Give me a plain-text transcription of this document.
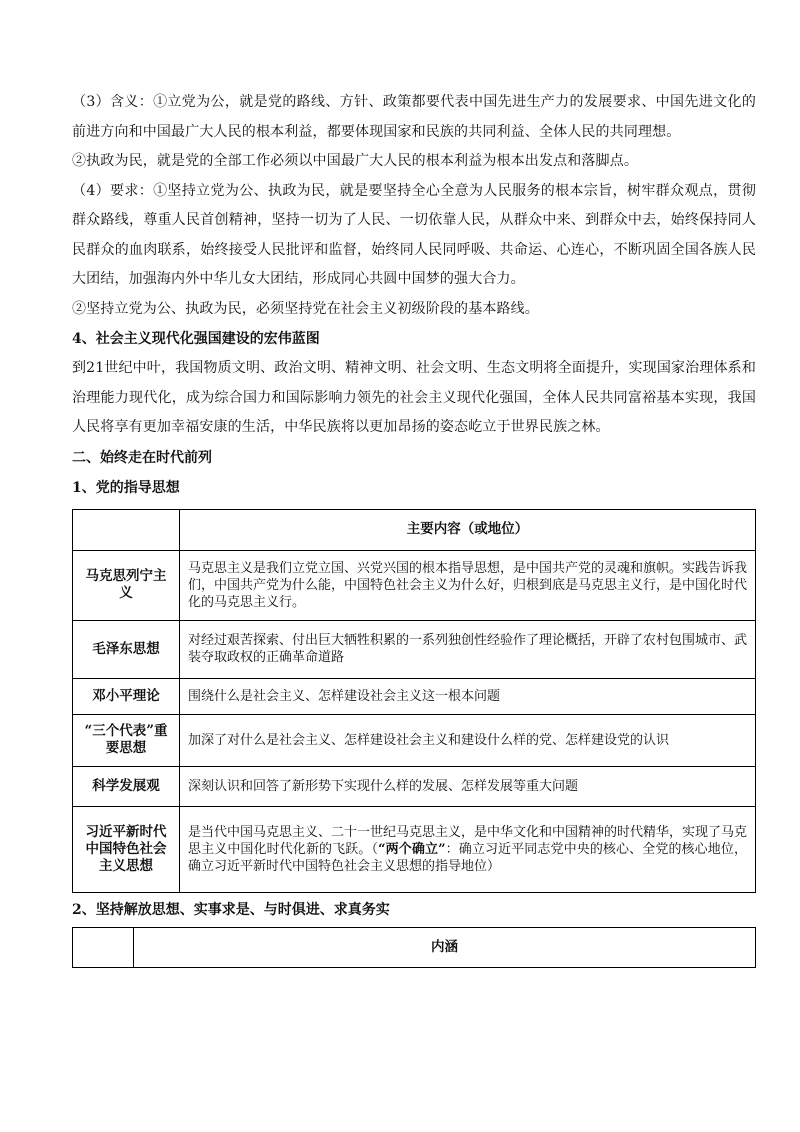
（3）含义：①立党为公，就是党的路线、方针、政策都要代表中国先进生产力的发展要求、中国先进文化的前进方向和中国最广大人民的根本利益，都要体现国家和民族的共同利益、全体人民的共同理想。

②执政为民，就是党的全部工作必须以中国最广大人民的根本利益为根本出发点和落脚点。

（4）要求：①坚持立党为公、执政为民，就是要坚持全心全意为人民服务的根本宗旨，树牢群众观点，贯彻群众路线，尊重人民首创精神，坚持一切为了人民、一切依靠人民，从群众中来、到群众中去，始终保持同人民群众的血肉联系，始终接受人民批评和监督，始终同人民同呼吸、共命运、心连心，不断巩固全国各族人民大团结，加强海内外中华儿女大团结，形成同心共圆中国梦的强大合力。

②坚持立党为公、执政为民，必须坚持党在社会主义初级阶段的基本路线。

4、社会主义现代化强国建设的宏伟蓝图

到21世纪中叶，我国物质文明、政治文明、精神文明、社会文明、生态文明将全面提升，实现国家治理体系和治理能力现代化，成为综合国力和国际影响力领先的社会主义现代化强国，全体人民共同富裕基本实现，我国人民将享有更加幸福安康的生活，中华民族将以更加昂扬的姿态屹立于世界民族之林。

二、始终走在时代前列

1、党的指导思想

	主要内容（或地位）
马克思列宁主义	马克思主义是我们立党立国、兴党兴国的根本指导思想，是中国共产党的灵魂和旗帜。实践告诉我们，中国共产党为什么能，中国特色社会主义为什么好，归根到底是马克思主义行，是中国化时代化的马克思主义行。
毛泽东思想	对经过艰苦探索、付出巨大牺牲积累的一系列独创性经验作了理论概括，开辟了农村包围城市、武装夺取政权的正确革命道路
邓小平理论	围绕什么是社会主义、怎样建设社会主义这一根本问题
“三个代表”重要思想	加深了对什么是社会主义、怎样建设社会主义和建设什么样的党、怎样建设党的认识
科学发展观	深刻认识和回答了新形势下实现什么样的发展、怎样发展等重大问题
习近平新时代中国特色社会主义思想	是当代中国马克思主义、二十一世纪马克思主义，是中华文化和中国精神的时代精华，实现了马克思主义中国化时代化新的飞跃。（“两个确立”：确立习近平同志党中央的核心、全党的核心地位，确立习近平新时代中国特色社会主义思想的指导地位）

2、坚持解放思想、实事求是、与时俱进、求真务实

	内涵
